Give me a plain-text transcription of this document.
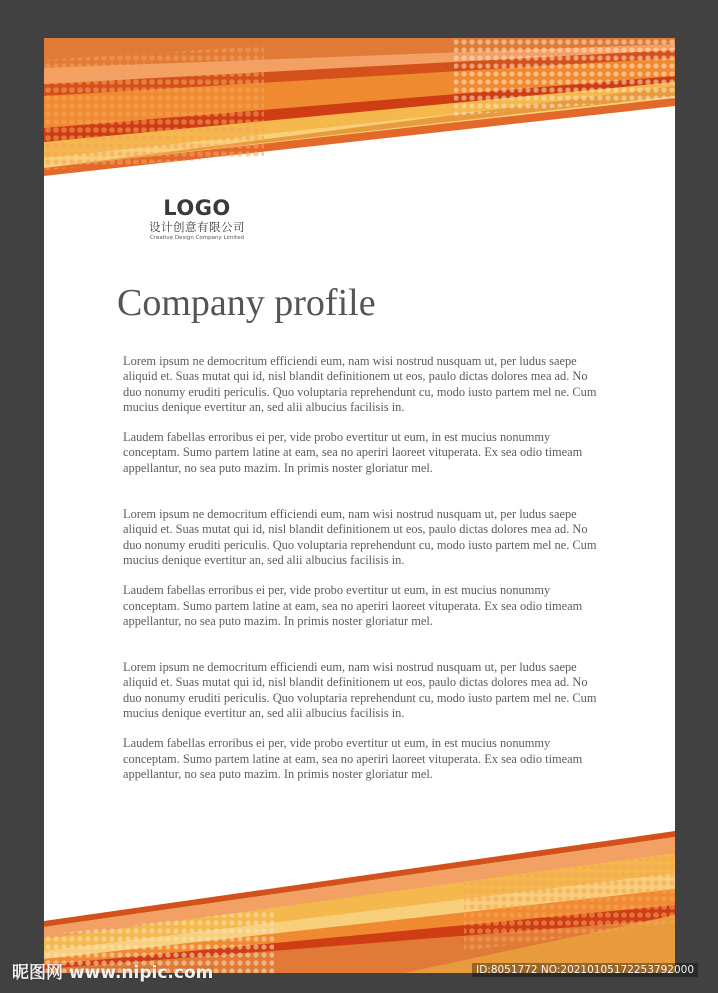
LOGO
设计创意有限公司
Creative Design Company Limited
Company profile

Lorem ipsum ne democritum efficiendi eum, nam wisi nostrud nusquam ut, per ludus saepe aliquid et. Suas mutat qui id, nisl blandit definitionem ut eos, paulo dictas dolores mea ad. No duo nonumy eruditi periculis. Quo voluptaria reprehendunt cu, modo iusto partem mel ne. Cum mucius denique evertitur an, sed alii albucius facilisis in.

Laudem fabellas erroribus ei per, vide probo evertitur ut eum, in est mucius nonummy conceptam. Sumo partem latine at eam, sea no aperiri laoreet vituperata. Ex sea odio timeam appellantur, no sea puto mazim. In primis noster gloriatur mel.

Lorem ipsum ne democritum efficiendi eum, nam wisi nostrud nusquam ut, per ludus saepe aliquid et. Suas mutat qui id, nisl blandit definitionem ut eos, paulo dictas dolores mea ad. No duo nonumy eruditi periculis. Quo voluptaria reprehendunt cu, modo iusto partem mel ne. Cum mucius denique evertitur an, sed alii albucius facilisis in.

Laudem fabellas erroribus ei per, vide probo evertitur ut eum, in est mucius nonummy conceptam. Sumo partem latine at eam, sea no aperiri laoreet vituperata. Ex sea odio timeam appellantur, no sea puto mazim. In primis noster gloriatur mel.

Lorem ipsum ne democritum efficiendi eum, nam wisi nostrud nusquam ut, per ludus saepe aliquid et. Suas mutat qui id, nisl blandit definitionem ut eos, paulo dictas dolores mea ad. No duo nonumy eruditi periculis. Quo voluptaria reprehendunt cu, modo iusto partem mel ne. Cum mucius denique evertitur an, sed alii albucius facilisis in.

Laudem fabellas erroribus ei per, vide probo evertitur ut eum, in est mucius nonummy conceptam. Sumo partem latine at eam, sea no aperiri laoreet vituperata. Ex sea odio timeam appellantur, no sea puto mazim. In primis noster gloriatur mel.

昵图网 www.nipic.com	ID:8051772 NO:20210105172253792000
